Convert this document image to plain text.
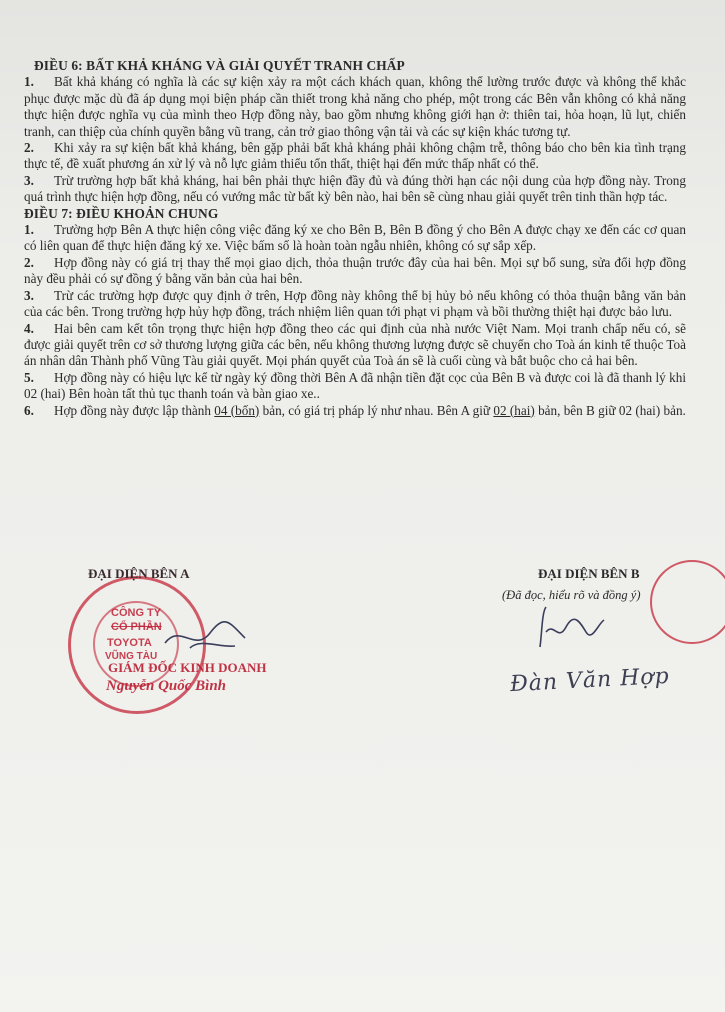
ĐIỀU 6: BẤT KHẢ KHÁNG VÀ GIẢI QUYẾT TRANH CHẤP

1. Bất khả kháng có nghĩa là các sự kiện xảy ra một cách khách quan, không thể lường trước được và không thể khắc phục được mặc dù đã áp dụng mọi biện pháp cần thiết trong khả năng cho phép, một trong các Bên vẫn không có khả năng thực hiện được nghĩa vụ của mình theo Hợp đồng này, bao gồm nhưng không giới hạn ở: thiên tai, hỏa hoạn, lũ lụt, chiến tranh, can thiệp của chính quyền bằng vũ trang, cản trở giao thông vận tải và các sự kiện khác tương tự.

2. Khi xảy ra sự kiện bất khả kháng, bên gặp phải bất khả kháng phải không chậm trễ, thông báo cho bên kia tình trạng thực tế, đề xuất phương án xử lý và nỗ lực giảm thiểu tổn thất, thiệt hại đến mức thấp nhất có thể.

3. Trừ trường hợp bất khả kháng, hai bên phải thực hiện đầy đủ và đúng thời hạn các nội dung của hợp đồng này. Trong quá trình thực hiện hợp đồng, nếu có vướng mắc từ bất kỳ bên nào, hai bên sẽ cùng nhau giải quyết trên tinh thần hợp tác.

ĐIỀU 7: ĐIỀU KHOẢN CHUNG

1. Trường hợp Bên A thực hiện công việc đăng ký xe cho Bên B, Bên B đồng ý cho Bên A được chạy xe đến các cơ quan có liên quan để thực hiện đăng ký xe. Việc bấm số là hoàn toàn ngẫu nhiên, không có sự sắp xếp.

2. Hợp đồng này có giá trị thay thế mọi giao dịch, thỏa thuận trước đây của hai bên. Mọi sự bổ sung, sửa đổi hợp đồng này đều phải có sự đồng ý bằng văn bản của hai bên.

3. Trừ các trường hợp được quy định ở trên, Hợp đồng này không thể bị hủy bỏ nếu không có thỏa thuận bằng văn bản của các bên. Trong trường hợp hủy hợp đồng, trách nhiệm liên quan tới phạt vi phạm và bồi thường thiệt hại được bảo lưu.

4. Hai bên cam kết tôn trọng thực hiện hợp đồng theo các qui định của nhà nước Việt Nam. Mọi tranh chấp nếu có, sẽ được giải quyết trên cơ sở thương lượng giữa các bên, nếu không thương lượng được sẽ chuyển cho Toà án kinh tế thuộc Toà án nhân dân Thành phố Vũng Tàu giải quyết. Mọi phán quyết của Toà án sẽ là cuối cùng và bắt buộc cho cả hai bên.

5. Hợp đồng này có hiệu lực kể từ ngày ký đồng thời Bên A đã nhận tiền đặt cọc của Bên B và được coi là đã thanh lý khi 02 (hai) Bên hoàn tất thủ tục thanh toán và bàn giao xe..

6. Hợp đồng này được lập thành 04 (bốn) bản, có giá trị pháp lý như nhau. Bên A giữ 02 (hai) bản, bên B giữ 02 (hai) bản.

CÔNG TY
CỔ PHẦN
TOYOTA
VŨNG TÀU
ĐẠI DIỆN BÊN A
GIÁM ĐỐC KINH DOANH
Nguyễn Quốc Bình
ĐẠI DIỆN BÊN B
(Đã đọc, hiểu rõ và đồng ý)
Đàn Văn Hợp
